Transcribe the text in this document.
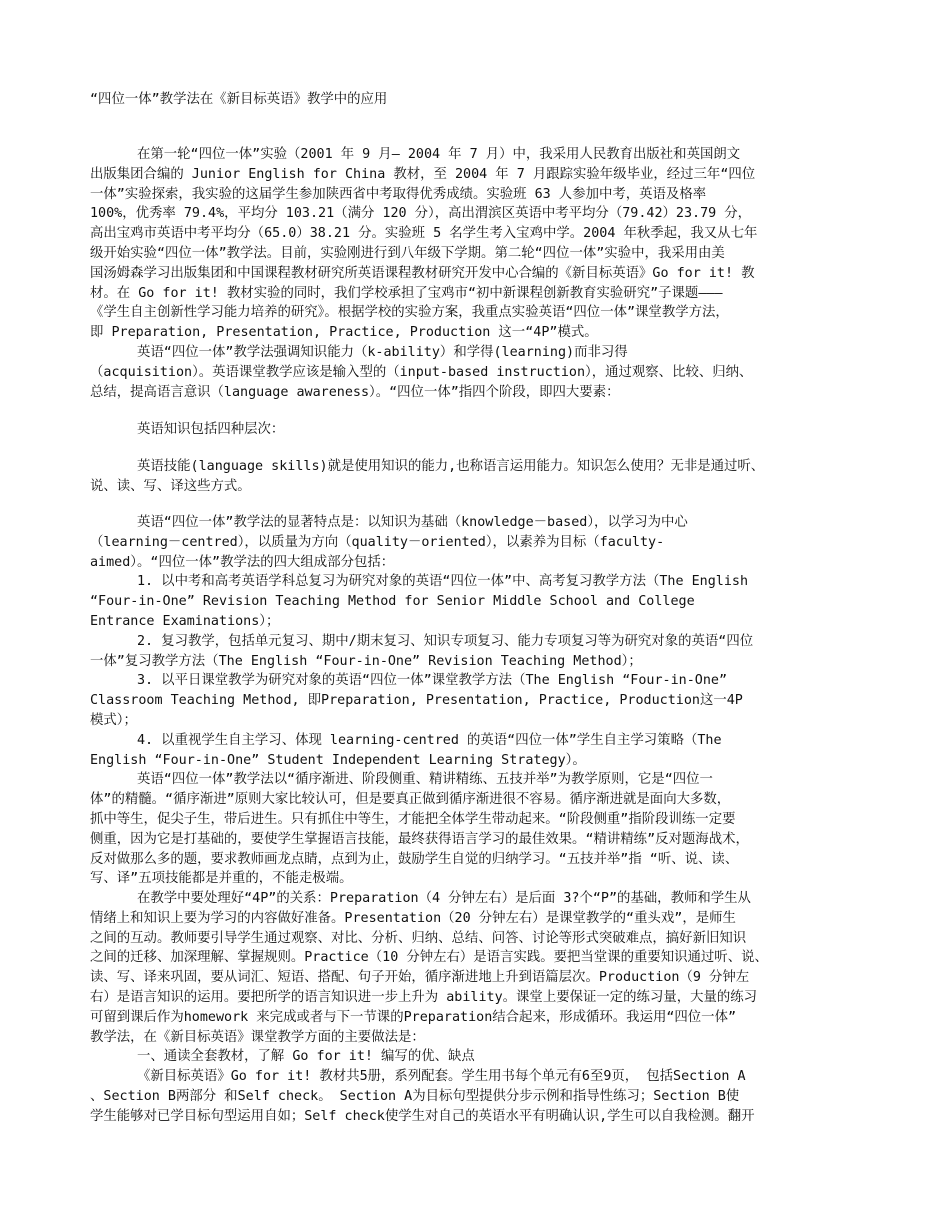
“四位一体”教学法在《新目标英语》教学中的应用
在第一轮“四位一体”实验（2001 年 9 月— 2004 年 7 月）中，我采用人民教育出版社和英国朗文
出版集团合编的 Junior English for China 教材，至 2004 年 7 月跟踪实验年级毕业，经过三年“四位
一体”实验探索，我实验的这届学生参加陕西省中考取得优秀成绩。实验班 63 人参加中考，英语及格率
100%，优秀率 79.4%，平均分 103.21（满分 120 分），高出渭滨区英语中考平均分（79.42）23.79 分，
高出宝鸡市英语中考平均分（65.0）38.21 分。实验班 5 名学生考入宝鸡中学。2004 年秋季起，我又从七年
级开始实验“四位一体”教学法。目前，实验刚进行到八年级下学期。第二轮“四位一体”实验中，我采用由美
国汤姆森学习出版集团和中国课程教材研究所英语课程教材研究开发中心合编的《新目标英语》Go for it! 教
材。在 Go for it! 教材实验的同时，我们学校承担了宝鸡市“初中新课程创新教育实验研究”子课题———
《学生自主创新性学习能力培养的研究》。根据学校的实验方案，我重点实验英语“四位一体”课堂教学方法，
即 Preparation, Presentation, Practice, Production 这一“4P”模式。
英语“四位一体”教学法强调知识能力（k-ability）和学得(learning)而非习得
（acquisition）。英语课堂教学应该是输入型的（input-based instruction），通过观察、比较、归纳、
总结，提高语言意识（language awareness）。“四位一体”指四个阶段，即四大要素：
英语知识包括四种层次：
英语技能(language skills)就是使用知识的能力,也称语言运用能力。知识怎么使用？无非是通过听、
说、读、写、译这些方式。
英语“四位一体”教学法的显著特点是：以知识为基础（knowledge－based），以学习为中心
（learning－centred），以质量为方向（quality－oriented），以素养为目标（faculty-
aimed）。“四位一体”教学法的四大组成部分包括：
1. 以中考和高考英语学科总复习为研究对象的英语“四位一体”中、高考复习教学方法（The English
“Four-in-One” Revision Teaching Method for Senior Middle School and College
Entrance Examinations）；
2. 复习教学，包括单元复习、期中/期末复习、知识专项复习、能力专项复习等为研究对象的英语“四位
一体”复习教学方法（The English “Four-in-One” Revision Teaching Method）；
3. 以平日课堂教学为研究对象的英语“四位一体”课堂教学方法（The English “Four-in-One”
Classroom Teaching Method, 即Preparation, Presentation, Practice, Production这一4P
模式）；
4. 以重视学生自主学习、体现 learning-centred 的英语“四位一体”学生自主学习策略（The
English “Four-in-One” Student Independent Learning Strategy）。
英语“四位一体”教学法以“循序渐进、阶段侧重、精讲精练、五技并举”为教学原则，它是“四位一
体”的精髓。“循序渐进”原则大家比较认可，但是要真正做到循序渐进很不容易。循序渐进就是面向大多数，
抓中等生，促尖子生，带后进生。只有抓住中等生，才能把全体学生带动起来。“阶段侧重”指阶段训练一定要
侧重，因为它是打基础的，要使学生掌握语言技能，最终获得语言学习的最佳效果。“精讲精练”反对题海战术，
反对做那么多的题，要求教师画龙点睛，点到为止，鼓励学生自觉的归纳学习。“五技并举”指 “听、说、读、
写、译”五项技能都是并重的，不能走极端。
在教学中要处理好“4P”的关系：Preparation（4 分钟左右）是后面 3?个“P”的基础，教师和学生从
情绪上和知识上要为学习的内容做好准备。Presentation（20 分钟左右）是课堂教学的“重头戏”，是师生
之间的互动。教师要引导学生通过观察、对比、分析、归纳、总结、问答、讨论等形式突破难点，搞好新旧知识
之间的迁移、加深理解、掌握规则。Practice（10 分钟左右）是语言实践。要把当堂课的重要知识通过听、说、
读、写、译来巩固，要从词汇、短语、搭配、句子开始，循序渐进地上升到语篇层次。Production（9 分钟左
右）是语言知识的运用。要把所学的语言知识进一步上升为 ability。课堂上要保证一定的练习量，大量的练习
可留到课后作为homework 来完成或者与下一节课的Preparation结合起来，形成循环。我运用“四位一体”
教学法，在《新目标英语》课堂教学方面的主要做法是：
一、通读全套教材，了解 Go for it! 编写的优、缺点
《新目标英语》Go for it! 教材共5册，系列配套。学生用书每个单元有6至9页， 包括Section A
、Section B两部分 和Self check。 Section A为目标句型提供分步示例和指导性练习；Section B使
学生能够对已学目标句型运用自如；Self check使学生对自己的英语水平有明确认识,学生可以自我检测。翻开
